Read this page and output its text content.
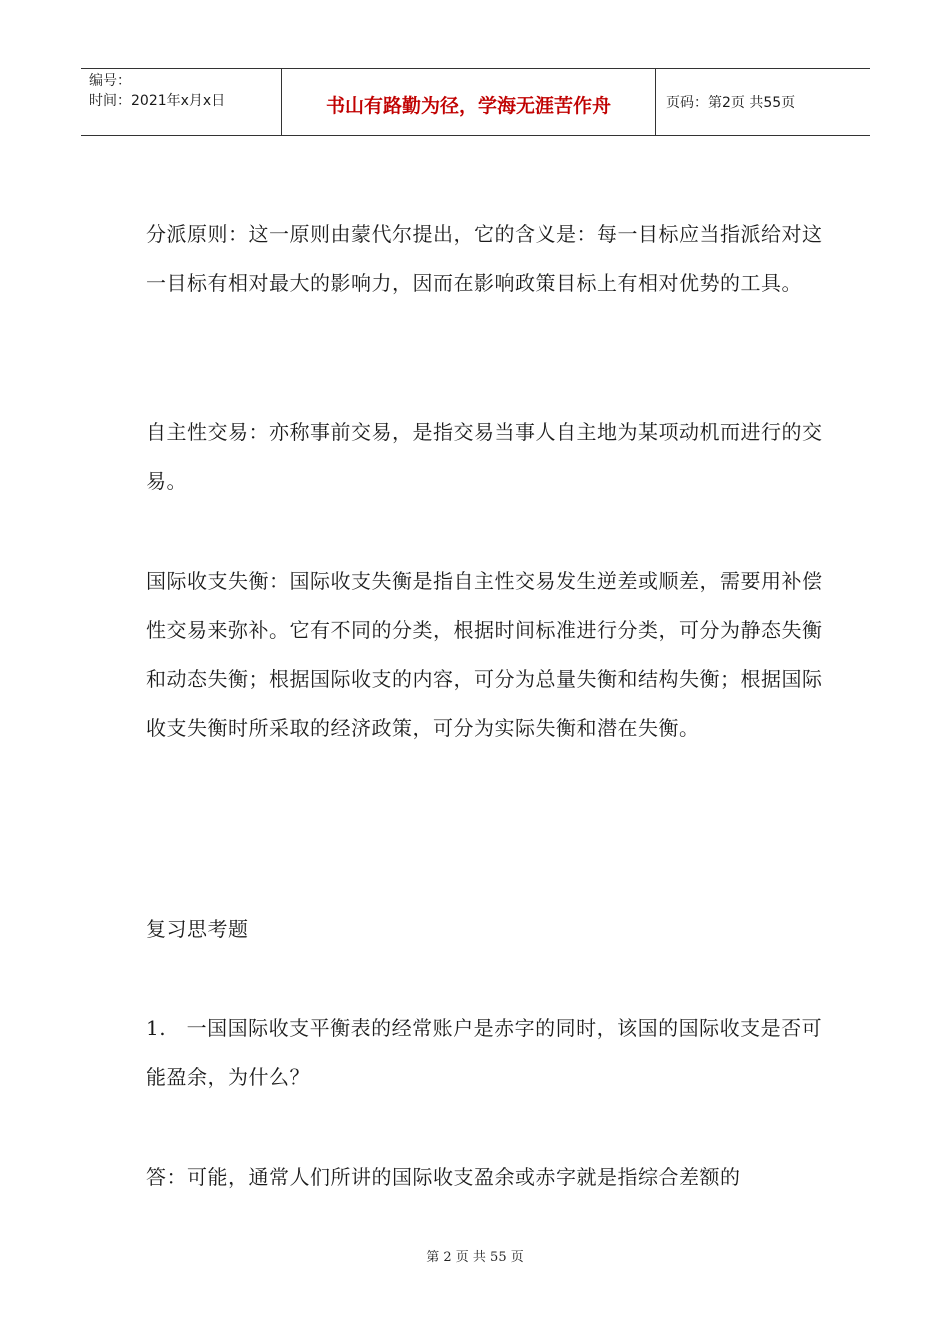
编号：
时间：2021年x月x日	书山有路勤为径，学海无涯苦作舟	页码：第2页 共55页

分派原则：这一原则由蒙代尔提出，它的含义是：每一目标应当指派给对这一目标有相对最大的影响力，因而在影响政策目标上有相对优势的工具。

自主性交易：亦称事前交易，是指交易当事人自主地为某项动机而进行的交易。

国际收支失衡：国际收支失衡是指自主性交易发生逆差或顺差，需要用补偿性交易来弥补。它有不同的分类，根据时间标准进行分类，可分为静态失衡和动态失衡；根据国际收支的内容，可分为总量失衡和结构失衡；根据国际收支失衡时所采取的经济政策，可分为实际失衡和潜在失衡。

复习思考题

1.　一国国际收支平衡表的经常账户是赤字的同时，该国的国际收支是否可能盈余，为什么？

答：可能，通常人们所讲的国际收支盈余或赤字就是指综合差额的

第 2 页 共 55 页
